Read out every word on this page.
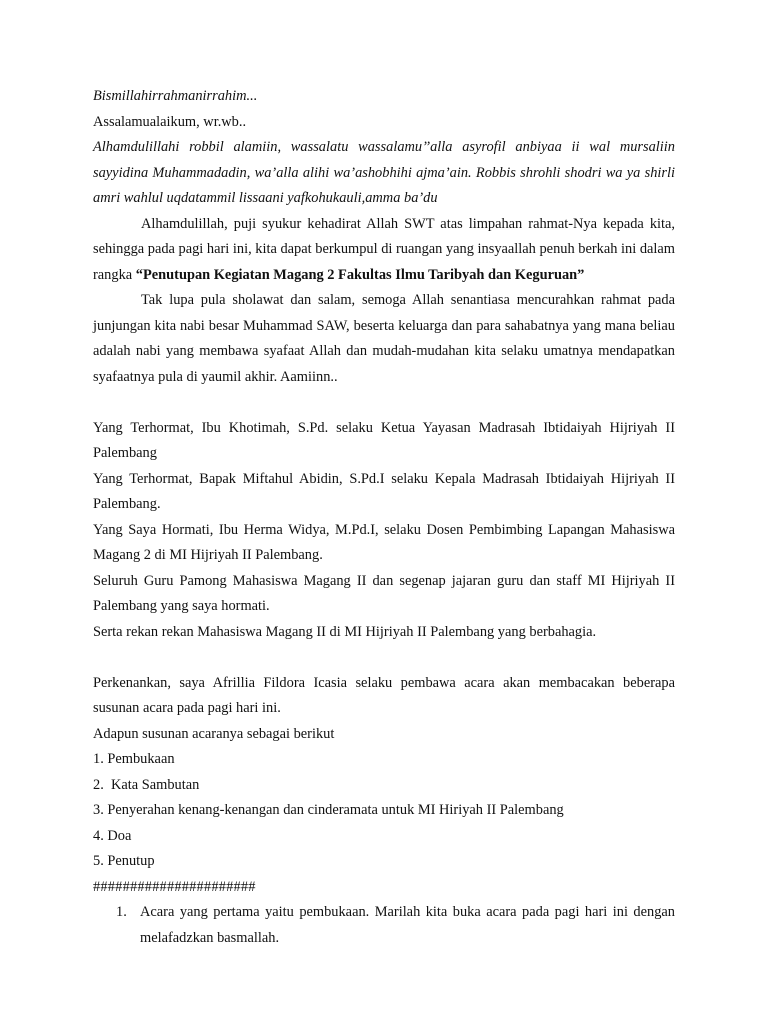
Bismillahirrahmanirrahim...

Assalamualaikum, wr.wb..

Alhamdulillahi robbil alamiin, wassalatu wassalamu’’alla asyrofil anbiyaa ii wal mursaliin sayyidina Muhammadadin, wa’alla alihi wa’ashobhihi ajma’ain. Robbis shrohli shodri wa ya shirli amri wahlul uqdatammil lissaani yafkohukauli,amma ba’du

Alhamdulillah, puji syukur kehadirat Allah SWT atas limpahan rahmat-Nya kepada kita, sehingga pada pagi hari ini, kita dapat berkumpul di ruangan yang insyaallah penuh berkah ini dalam rangka “Penutupan Kegiatan Magang 2 Fakultas Ilmu Taribyah dan Keguruan”

Tak lupa pula sholawat dan salam, semoga Allah senantiasa mencurahkan rahmat pada junjungan kita nabi besar Muhammad SAW, beserta keluarga dan para sahabatnya yang mana beliau adalah nabi yang membawa syafaat Allah dan mudah-mudahan kita selaku umatnya mendapatkan syafaatnya pula di yaumil akhir. Aamiinn..

Yang Terhormat, Ibu Khotimah, S.Pd. selaku Ketua Yayasan Madrasah Ibtidaiyah Hijriyah II Palembang

Yang Terhormat, Bapak Miftahul Abidin, S.Pd.I selaku Kepala Madrasah Ibtidaiyah Hijriyah II Palembang.

Yang Saya Hormati, Ibu Herma Widya, M.Pd.I, selaku Dosen Pembimbing Lapangan Mahasiswa Magang 2 di MI Hijriyah II Palembang.

Seluruh Guru Pamong Mahasiswa Magang II dan segenap jajaran guru dan staff MI Hijriyah II Palembang yang saya hormati.

Serta rekan rekan Mahasiswa Magang II di MI Hijriyah II Palembang yang berbahagia.

Perkenankan, saya Afrillia Fildora Icasia selaku pembawa acara akan membacakan beberapa susunan acara pada pagi hari ini.

Adapun susunan acaranya sebagai berikut

1. Pembukaan

2.  Kata Sambutan

3. Penyerahan kenang-kenangan dan cinderamata untuk MI Hiriyah II Palembang

4. Doa

5. Penutup

######################

1. Acara yang pertama yaitu pembukaan. Marilah kita buka acara pada pagi hari ini dengan melafadzkan basmallah.
